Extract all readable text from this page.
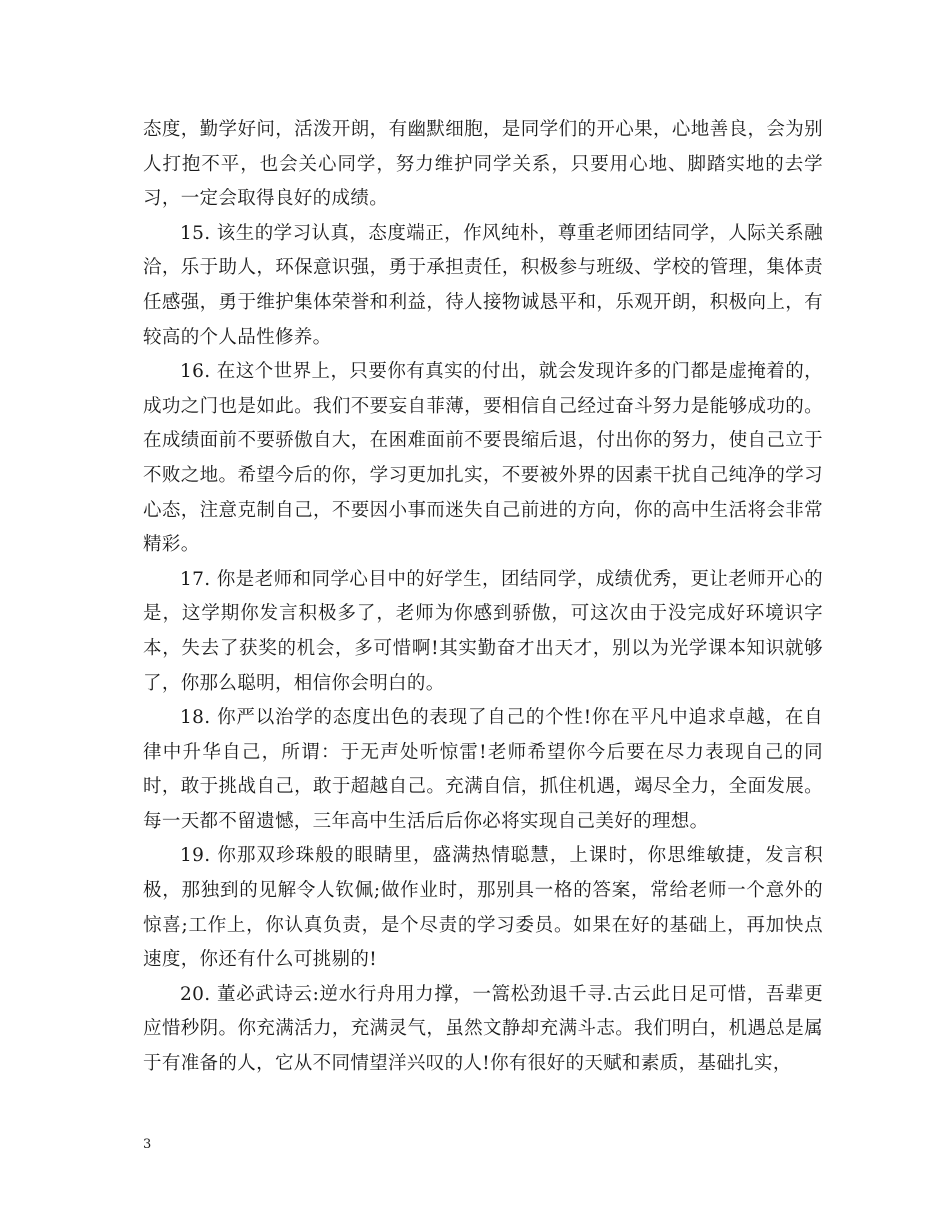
态度，勤学好问，活泼开朗，有幽默细胞，是同学们的开心果，心地善良，会为别人打抱不平，也会关心同学，努力维护同学关系，只要用心地、脚踏实地的去学习，一定会取得良好的成绩。

15. 该生的学习认真，态度端正，作风纯朴，尊重老师团结同学，人际关系融洽，乐于助人，环保意识强，勇于承担责任，积极参与班级、学校的管理，集体责任感强，勇于维护集体荣誉和利益，待人接物诚恳平和，乐观开朗，积极向上，有较高的个人品性修养。

16. 在这个世界上，只要你有真实的付出，就会发现许多的门都是虚掩着的，成功之门也是如此。我们不要妄自菲薄，要相信自己经过奋斗努力是能够成功的。在成绩面前不要骄傲自大，在困难面前不要畏缩后退，付出你的努力，使自己立于不败之地。希望今后的你，学习更加扎实，不要被外界的因素干扰自己纯净的学习心态，注意克制自己，不要因小事而迷失自己前进的方向，你的高中生活将会非常精彩。

17. 你是老师和同学心目中的好学生，团结同学，成绩优秀，更让老师开心的是，这学期你发言积极多了，老师为你感到骄傲，可这次由于没完成好环境识字本，失去了获奖的机会，多可惜啊!其实勤奋才出天才，别以为光学课本知识就够了，你那么聪明，相信你会明白的。

18. 你严以治学的态度出色的表现了自己的个性!你在平凡中追求卓越，在自律中升华自己，所谓：于无声处听惊雷!老师希望你今后要在尽力表现自己的同时，敢于挑战自己，敢于超越自己。充满自信，抓住机遇，竭尽全力，全面发展。每一天都不留遗憾，三年高中生活后后你必将实现自己美好的理想。

19. 你那双珍珠般的眼睛里，盛满热情聪慧，上课时，你思维敏捷，发言积极，那独到的见解令人钦佩;做作业时，那别具一格的答案，常给老师一个意外的惊喜;工作上，你认真负责，是个尽责的学习委员。如果在好的基础上，再加快点速度，你还有什么可挑剔的!

20. 董必武诗云:逆水行舟用力撑，一篙松劲退千寻.古云此日足可惜，吾辈更应惜秒阴。你充满活力，充满灵气，虽然文静却充满斗志。我们明白，机遇总是属于有准备的人，它从不同情望洋兴叹的人!你有很好的天赋和素质，基础扎实，

3
